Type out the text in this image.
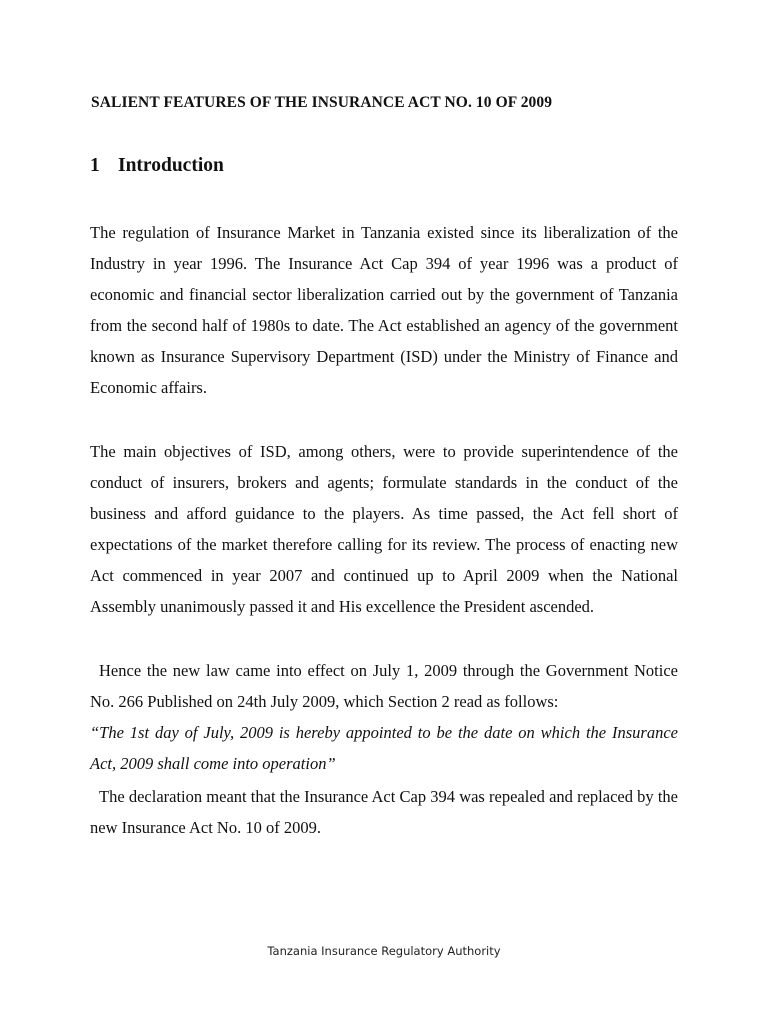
SALIENT FEATURES OF THE INSURANCE ACT NO. 10 OF 2009
1 Introduction

The regulation of Insurance Market in Tanzania existed since its liberalization of the Industry in year 1996. The Insurance Act Cap 394 of year 1996 was a product of economic and financial sector liberalization carried out by the government of Tanzania from the second half of 1980s to date. The Act established an agency of the government known as Insurance Supervisory Department (ISD) under the Ministry of Finance and Economic affairs.

The main objectives of ISD, among others, were to provide superintendence of the conduct of insurers, brokers and agents; formulate standards in the conduct of the business and afford guidance to the players. As time passed, the Act fell short of expectations of the market therefore calling for its review. The process of enacting new Act commenced in year 2007 and continued up to April 2009 when the National Assembly unanimously passed it and His excellence the President ascended.

Hence the new law came into effect on July 1, 2009 through the Government Notice No. 266 Published on 24th July 2009, which Section 2 read as follows:

“The 1st day of July, 2009 is hereby appointed to be the date on which the Insurance Act, 2009 shall come into operation”

The declaration meant that the Insurance Act Cap 394 was repealed and replaced by the new Insurance Act No. 10 of 2009.

Tanzania Insurance Regulatory Authority
